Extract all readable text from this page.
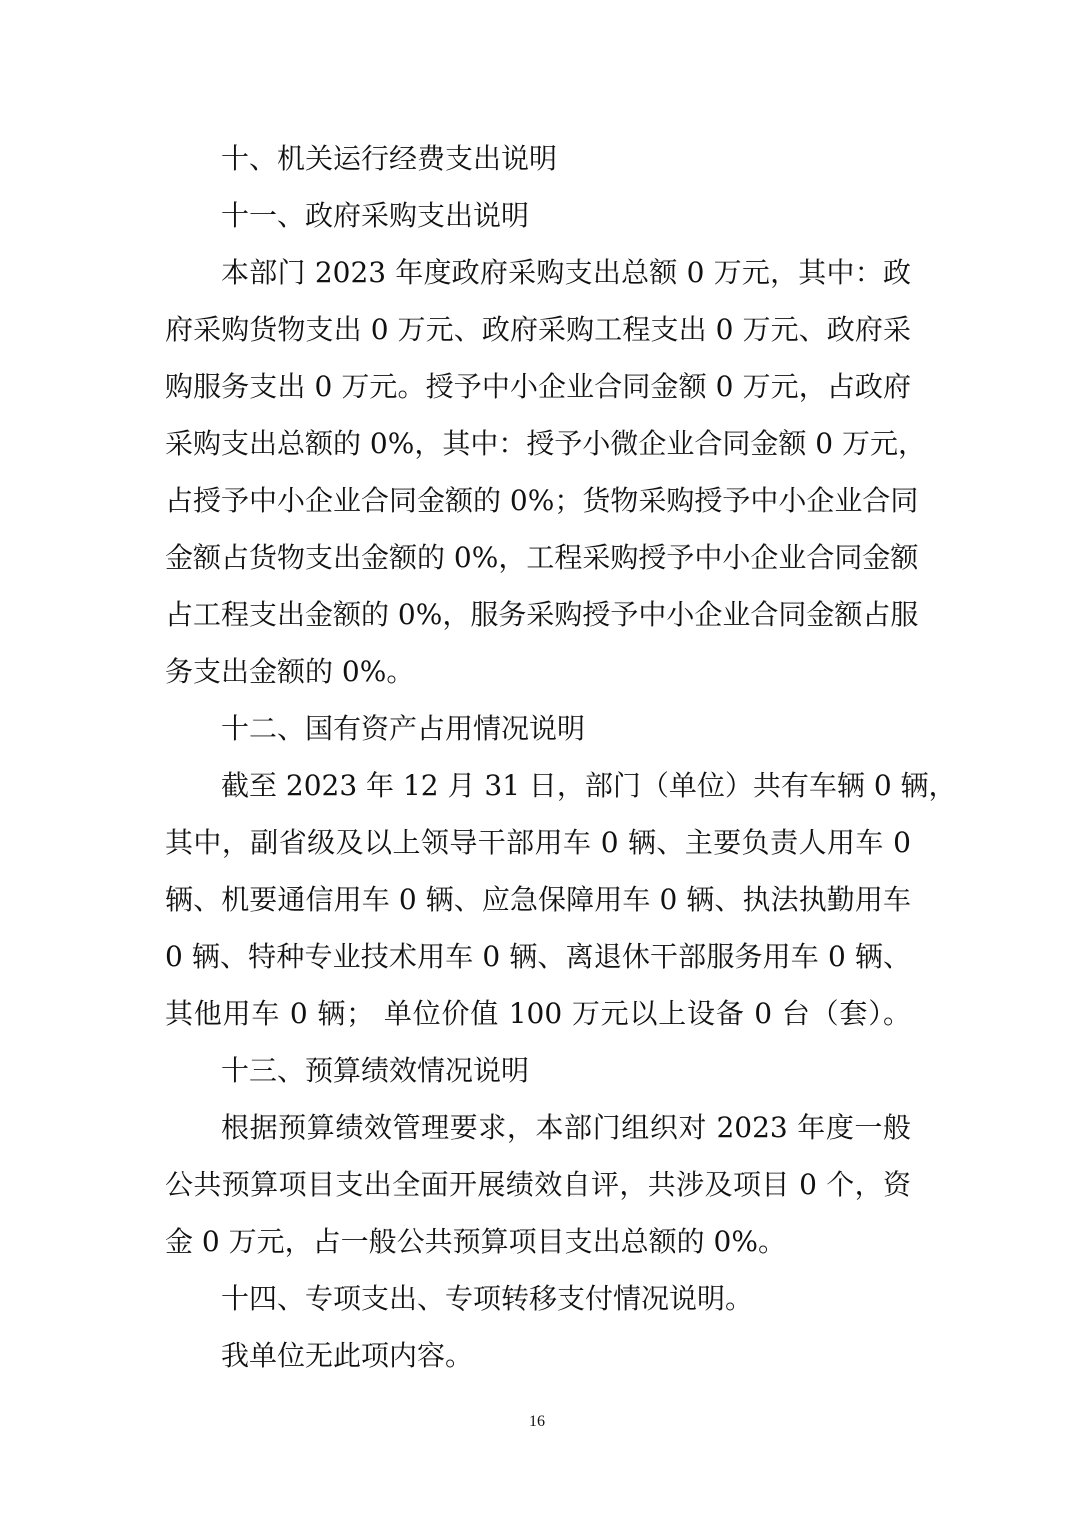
十、机关运行经费支出说明
十一、政府采购支出说明
本部门 2023 年度政府采购支出总额 0 万元，其中：政
府采购货物支出 0 万元、政府采购工程支出 0 万元、政府采
购服务支出 0 万元。授予中小企业合同金额 0 万元，占政府
采购支出总额的 0%，其中：授予小微企业合同金额 0 万元，
占授予中小企业合同金额的 0%；货物采购授予中小企业合同
金额占货物支出金额的 0%，工程采购授予中小企业合同金额
占工程支出金额的 0%，服务采购授予中小企业合同金额占服
务支出金额的 0%。
十二、国有资产占用情况说明
截至 2023 年 12 月 31 日，部门（单位）共有车辆 0 辆，
其中，副省级及以上领导干部用车 0 辆、主要负责人用车 0
辆、机要通信用车 0 辆、应急保障用车 0 辆、执法执勤用车
0 辆、特种专业技术用车 0 辆、离退休干部服务用车 0 辆、
其他用车 0 辆； 单位价值 100 万元以上设备 0 台（套）。
十三、预算绩效情况说明
根据预算绩效管理要求，本部门组织对 2023 年度一般
公共预算项目支出全面开展绩效自评，共涉及项目 0 个，资
金 0 万元，占一般公共预算项目支出总额的 0%。
十四、专项支出、专项转移支付情况说明。
我单位无此项内容。
16
